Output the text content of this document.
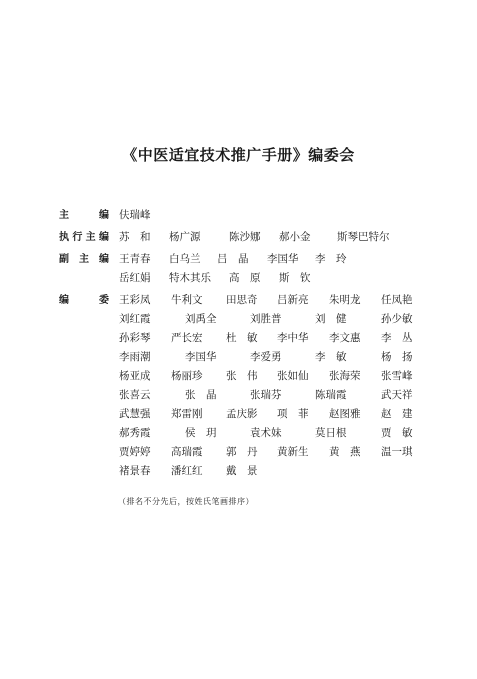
《中医适宜技术推广手册》编委会
主　编 伕瑞峰
执行主编 苏　和 杨广源	陈沙娜 郝小金	斯琴巴特尔
副主编 王青春 白乌兰 吕　晶 李国华 李　玲
岳红娟 特木其乐 高　原 斯　钦
编　委 王彩凤 牛利文 田思奇 吕新亮 朱明龙 任凤艳
刘红霞	刘禹全	刘胜普	刘　健	孙少敏
孙彩琴 严长宏 杜　敏 李中华 李文惠 李　丛
李雨潮	李国华	李爱勇	李　敏	杨　扬
杨亚成 杨丽珍 张　伟 张如仙 张海荣 张雪峰
张喜云	张　晶	张瑞芬	陈瑞霞	武天祥
武慧强 郑雷刚 孟庆影 项　菲 赵图雅 赵　建
郝秀霞	侯　玥	袁术妹	莫日根	贾　敏
贾婷婷 高瑞霞 郭　丹 黄新生 黄　燕 温一琪
褚景春 潘红红 戴　景
（排名不分先后，按姓氏笔画排序）
